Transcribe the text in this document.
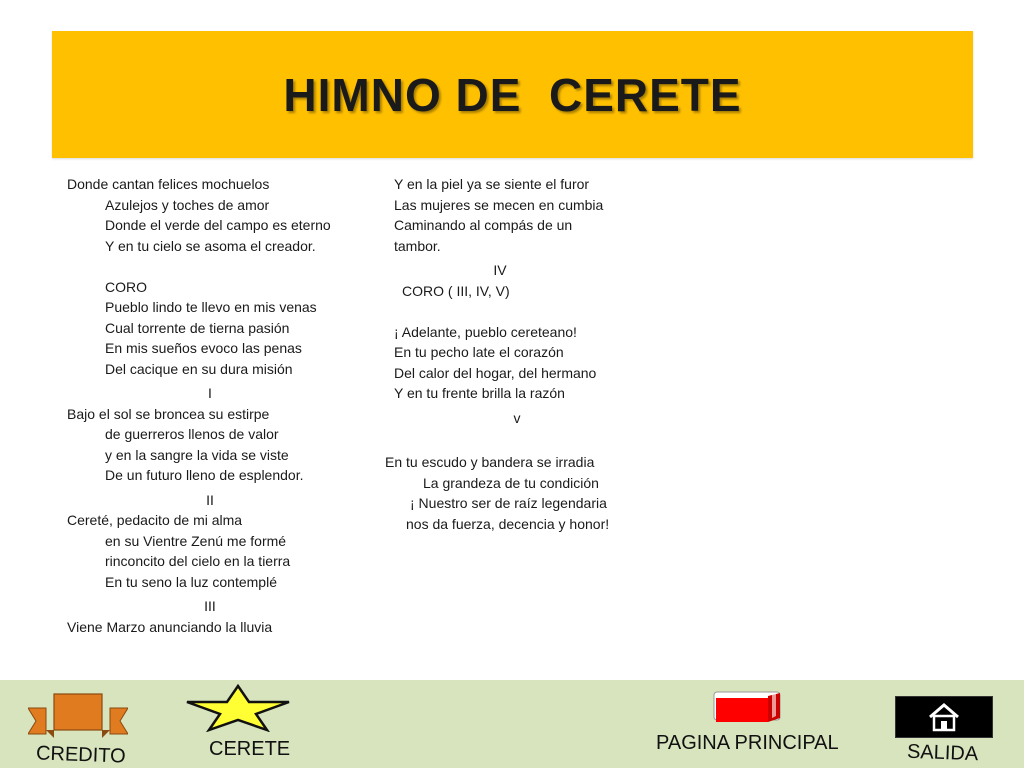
HIMNO DE  CERETE
Donde cantan felices mochuelos
Azulejos y toches de amor
Donde el verde del campo es eterno
Y en tu cielo se asoma el creador.
CORO
Pueblo lindo te llevo en mis venas
Cual torrente de tierna pasión
En mis sueños evoco las penas
Del cacique en su dura misión
I
Bajo el sol se broncea su estirpe
de guerreros llenos de valor
y en la sangre la vida se viste
De un futuro lleno de esplendor.
II
Cereté, pedacito de mi alma
en su Vientre Zenú me formé
rinconcito del cielo en la tierra
En tu seno la luz contemplé
III
Viene Marzo anunciando la lluvia
Y en la piel ya se siente el furor
Las mujeres se mecen en cumbia
Caminando al compás de un
tambor.
IV
CORO ( III, IV, V)
¡ Adelante, pueblo cereteano!
En tu pecho late el corazón
Del calor del hogar, del hermano
Y en tu frente brilla la razón
v
En tu escudo y bandera se irradia
La grandeza de tu condición
¡ Nuestro ser de raíz legendaria
nos da fuerza, decencia y honor!
CREDITO	CERETE	PAGINA PRINCIPAL	SALIDA
